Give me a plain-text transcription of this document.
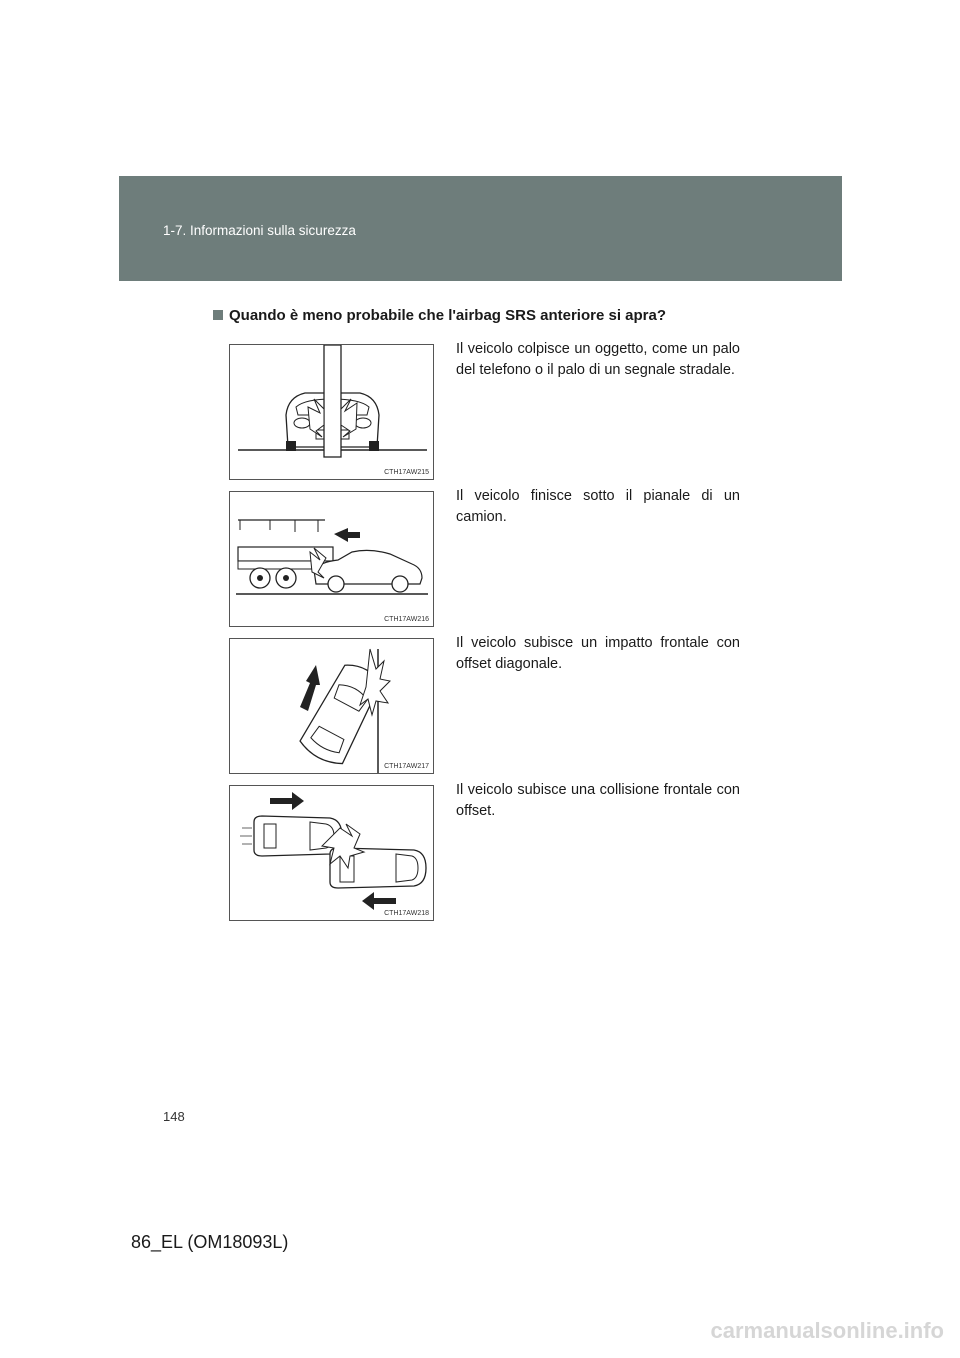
1-7. Informazioni sulla sicurezza
Quando è meno probabile che l'airbag SRS anteriore si apra?
CTH17AW215
Il veicolo colpisce un oggetto, come un palo del telefono o il palo di un segnale stradale.
CTH17AW216
Il veicolo finisce sotto il pianale di un camion.
CTH17AW217
Il veicolo subisce un impatto frontale con offset diagonale.
CTH17AW218
Il veicolo subisce una collisione frontale con offset.
148
86_EL (OM18093L)
carmanualsonline.info
